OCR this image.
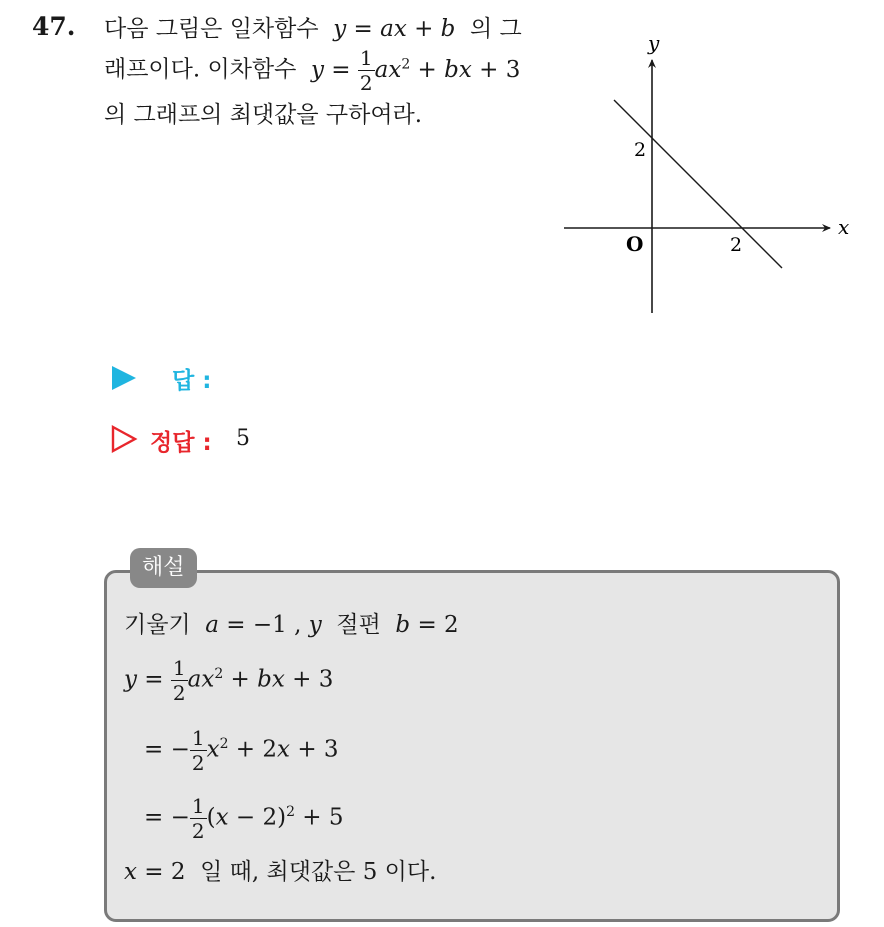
47. 다음 그림은 일차함수  y = ax + b  의 그
래프이다. 이차함수  $y = \frac{1}{2} ax^2$ + bx + 3
의 그래프의 최댓값을 구하여라.
y
x
O
2
2
답 :
정답 : 5
해설
기울기 a = −1 , y 절편 b = 2
$y = \frac{1}{2} ax^2$ + bx + 3
= − $\frac{1}{2} x^2 + 2x + 3$
= − $\frac{1}{2} (x - 2)^2 + 5$
x = 2  일 때, 최댓값은 5 이다.
